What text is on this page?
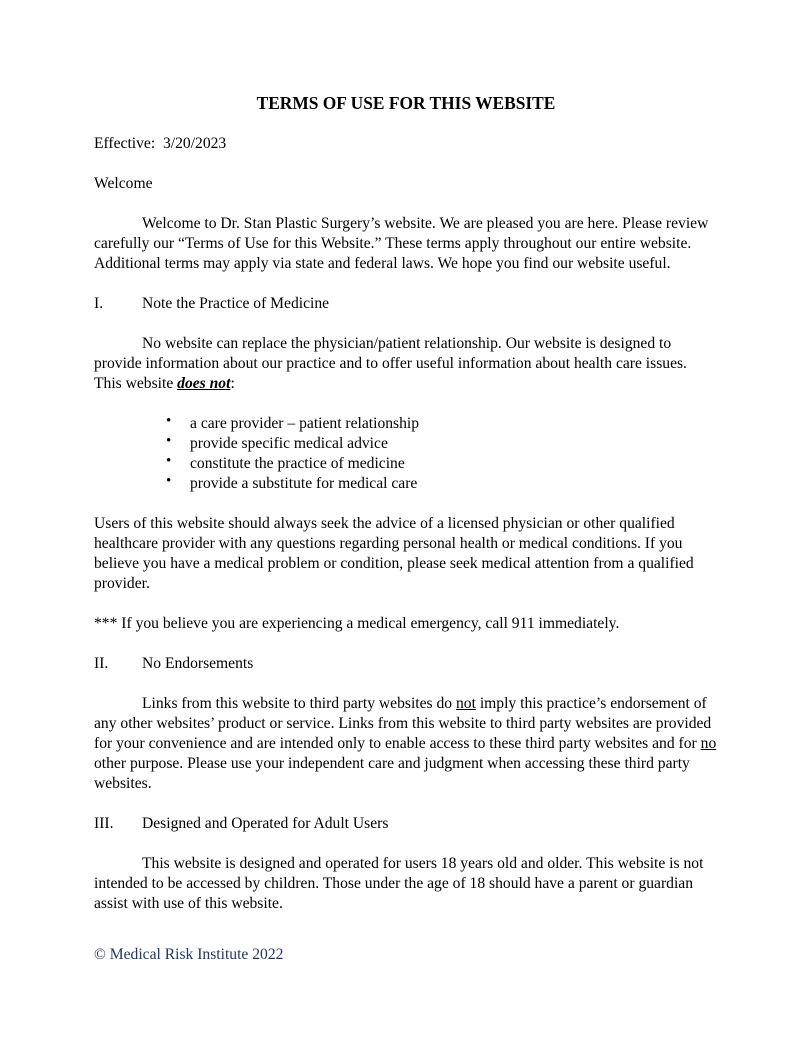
TERMS OF USE FOR THIS WEBSITE

Effective:  3/20/2023

Welcome

Welcome to Dr. Stan Plastic Surgery’s website. We are pleased you are here. Please review carefully our “Terms of Use for this Website.” These terms apply throughout our entire website. Additional terms may apply via state and federal laws. We hope you find our website useful.

I.	Note the Practice of Medicine

No website can replace the physician/patient relationship. Our website is designed to provide information about our practice and to offer useful information about health care issues. This website does not:

• a care provider – patient relationship
• provide specific medical advice
• constitute the practice of medicine
• provide a substitute for medical care

Users of this website should always seek the advice of a licensed physician or other qualified healthcare provider with any questions regarding personal health or medical conditions. If you believe you have a medical problem or condition, please seek medical attention from a qualified provider.

*** If you believe you are experiencing a medical emergency, call 911 immediately.

II.	No Endorsements

Links from this website to third party websites do not imply this practice’s endorsement of any other websites’ product or service. Links from this website to third party websites are provided for your convenience and are intended only to enable access to these third party websites and for no other purpose. Please use your independent care and judgment when accessing these third party websites.

III.	Designed and Operated for Adult Users

This website is designed and operated for users 18 years old and older. This website is not intended to be accessed by children. Those under the age of 18 should have a parent or guardian assist with use of this website.

© Medical Risk Institute 2022
